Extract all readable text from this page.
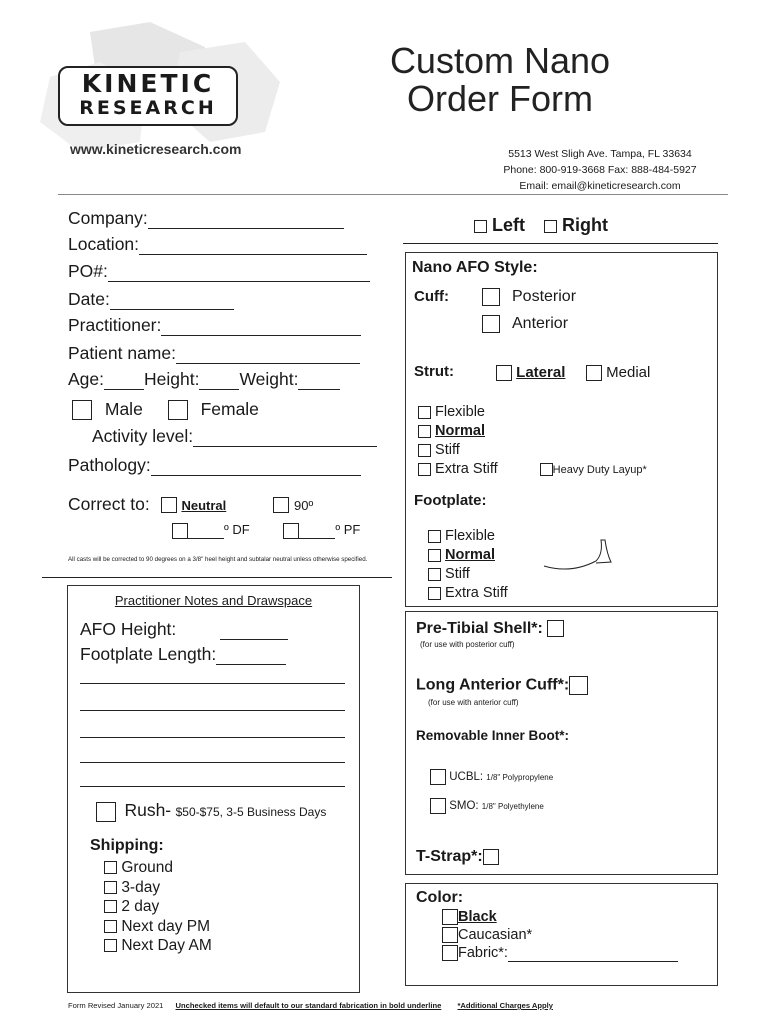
KINETIC
RESEARCH
www.kineticresearch.com
Custom Nano
Order Form
5513 West Sligh Ave. Tampa, FL 33634
Phone: 800-919-3668 Fax: 888-484-5927
Email: email@kineticresearch.com
Company:
Location:
PO#:
Date:
Practitioner:
Patient name:
Age: Height: Weight:
Male	Female
Activity level:
Pathology:
Correct to: Neutral	90º
º DF	º PF
All casts will be corrected to 90 degrees on a 3/8" heel height and subtalar neutral unless otherwise specified.
Practitioner Notes and Drawspace
AFO Height:
Footplate Length:
Rush- $50-$75, 3-5 Business Days
Shipping:
Ground
3-day
2 day
Next day PM
Next Day AM
Left Right
Nano AFO Style:
Cuff:	Posterior
Anterior
Strut:	Lateral	Medial
Flexible
Normal
Stiff
Extra Stiff	Heavy Duty Layup*
Footplate:
Flexible
Normal
Stiff
Extra Stiff
Pre-Tibial Shell*:
(for use with posterior cuff)
Long Anterior Cuff*:
(for use with anterior cuff)
Removable Inner Boot*:
UCBL: 1/8" Polypropylene
SMO: 1/8" Polyethylene
T-Strap*:
Color:
Black
Caucasian*
Fabric*:
Form Revised January 2021 Unchecked items will default to our standard fabrication in bold underline *Additional Charges Apply
